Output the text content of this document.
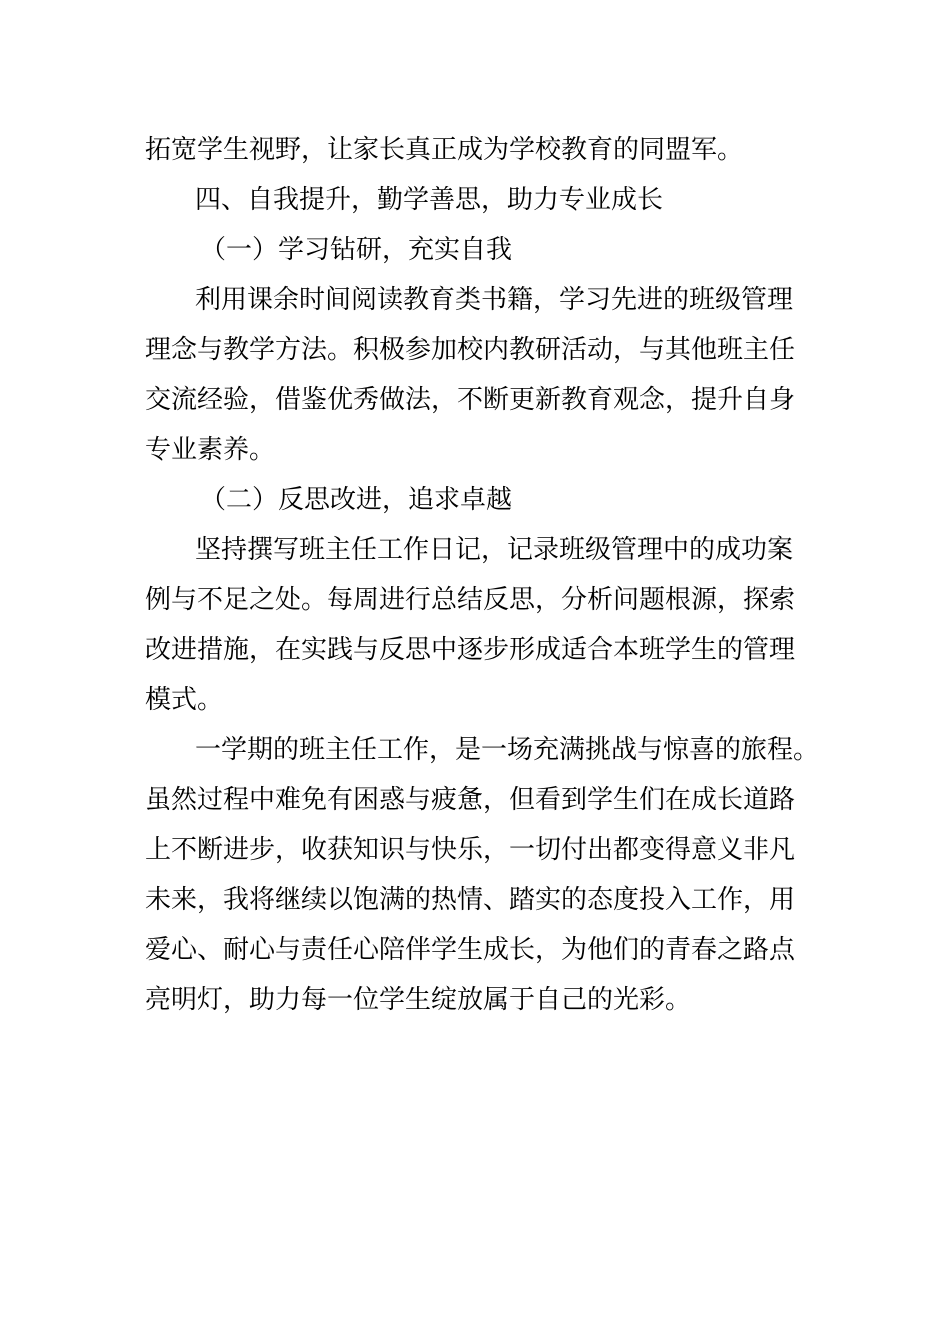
拓宽学生视野，让家长真正成为学校教育的同盟军。
四、自我提升，勤学善思，助力专业成长
（一）学习钻研，充实自我
利用课余时间阅读教育类书籍，学习先进的班级管理
理念与教学方法。积极参加校内教研活动，与其他班主任
交流经验，借鉴优秀做法，不断更新教育观念，提升自身
专业素养。
（二）反思改进，追求卓越
坚持撰写班主任工作日记，记录班级管理中的成功案
例与不足之处。每周进行总结反思，分析问题根源，探索
改进措施，在实践与反思中逐步形成适合本班学生的管理
模式。
一学期的班主任工作，是一场充满挑战与惊喜的旅程。
虽然过程中难免有困惑与疲惫，但看到学生们在成长道路
上不断进步，收获知识与快乐，一切付出都变得意义非凡
未来，我将继续以饱满的热情、踏实的态度投入工作，用
爱心、耐心与责任心陪伴学生成长，为他们的青春之路点
亮明灯，助力每一位学生绽放属于自己的光彩。
